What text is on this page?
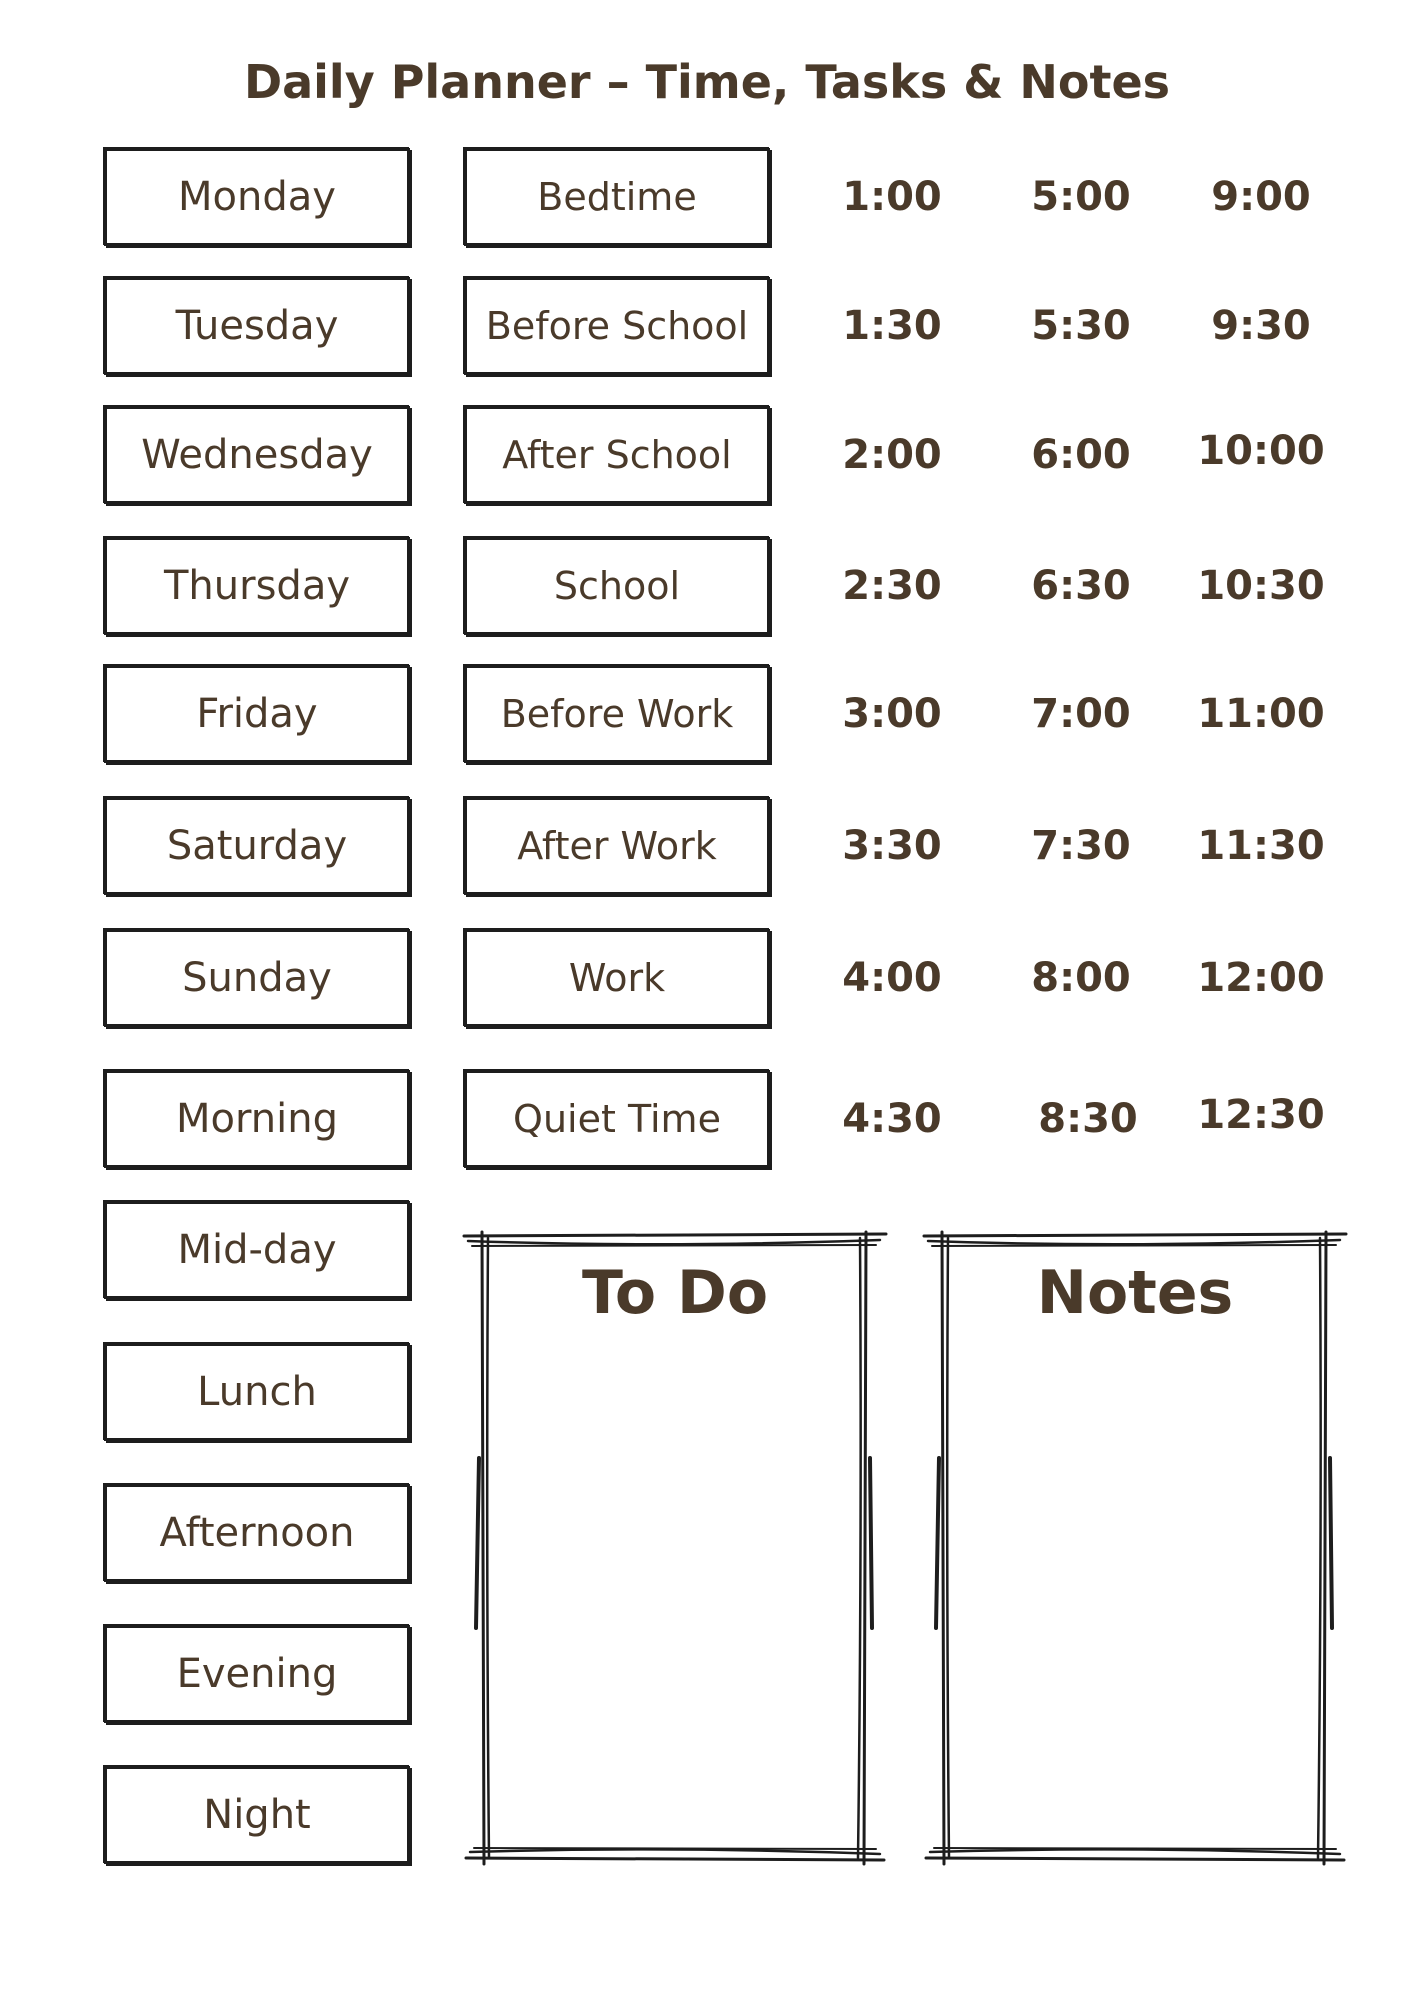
Daily Planner – Time, Tasks & Notes
Monday
Tuesday
Wednesday
Thursday
Friday
Saturday
Sunday
Morning
Mid-day
Lunch
Afternoon
Evening
Night
Bedtime
Before School
After School
School
Before Work
After Work
Work
Quiet Time
1:00
1:30
2:00
2:30
3:00
3:30
4:00
4:30
5:00
5:30
6:00
6:30
7:00
7:30
8:00
8:30
9:00
9:30
10:00
10:30
11:00
11:30
12:00
12:30
To Do	Notes
